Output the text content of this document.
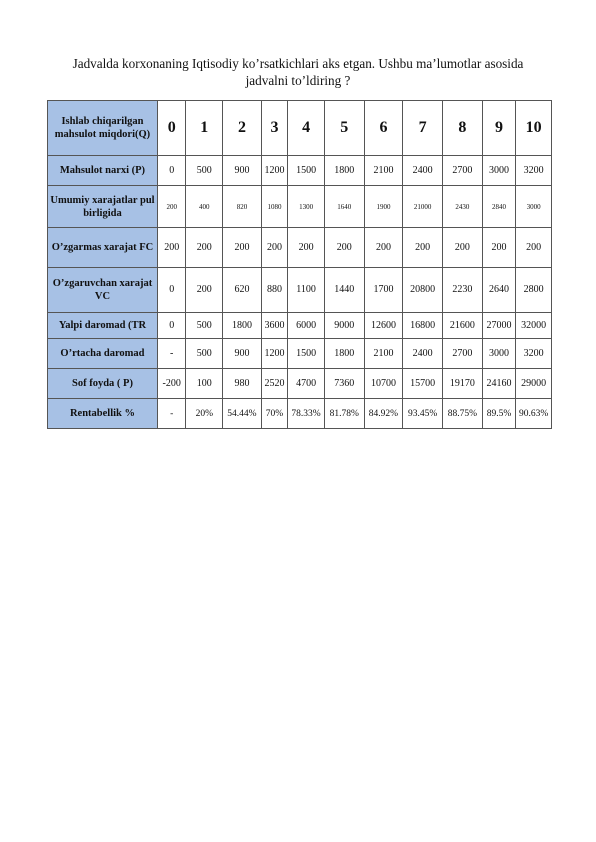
Jadvalda korxonaning Iqtisodiy ko’rsatkichlari aks etgan. Ushbu ma’lumotlar asosida
jadvalni to’ldiring ?
Ishlab chiqarilgan mahsulot miqdori(Q)	0	1	2	3	4	5	6	7	8	9	10
Mahsulot narxi (P)	0	500	900	1200	1500	1800	2100	2400	2700	3000	3200
Umumiy xarajatlar pul birligida	200	400	820	1080	1300	1640	1900	21000	2430	2840	3000
O’zgarmas xarajat FC	200	200	200	200	200	200	200	200	200	200	200
O’zgaruvchan xarajat VC	0	200	620	880	1100	1440	1700	20800	2230	2640	2800
Yalpi daromad (TR	0	500	1800	3600	6000	9000	12600	16800	21600	27000	32000
O’rtacha daromad	-	500	900	1200	1500	1800	2100	2400	2700	3000	3200
Sof foyda ( P)	-200	100	980	2520	4700	7360	10700	15700	19170	24160	29000
Rentabellik %	-	20%	54.44%	70%	78.33%	81.78%	84.92%	93.45%	88.75%	89.5%	90.63%
